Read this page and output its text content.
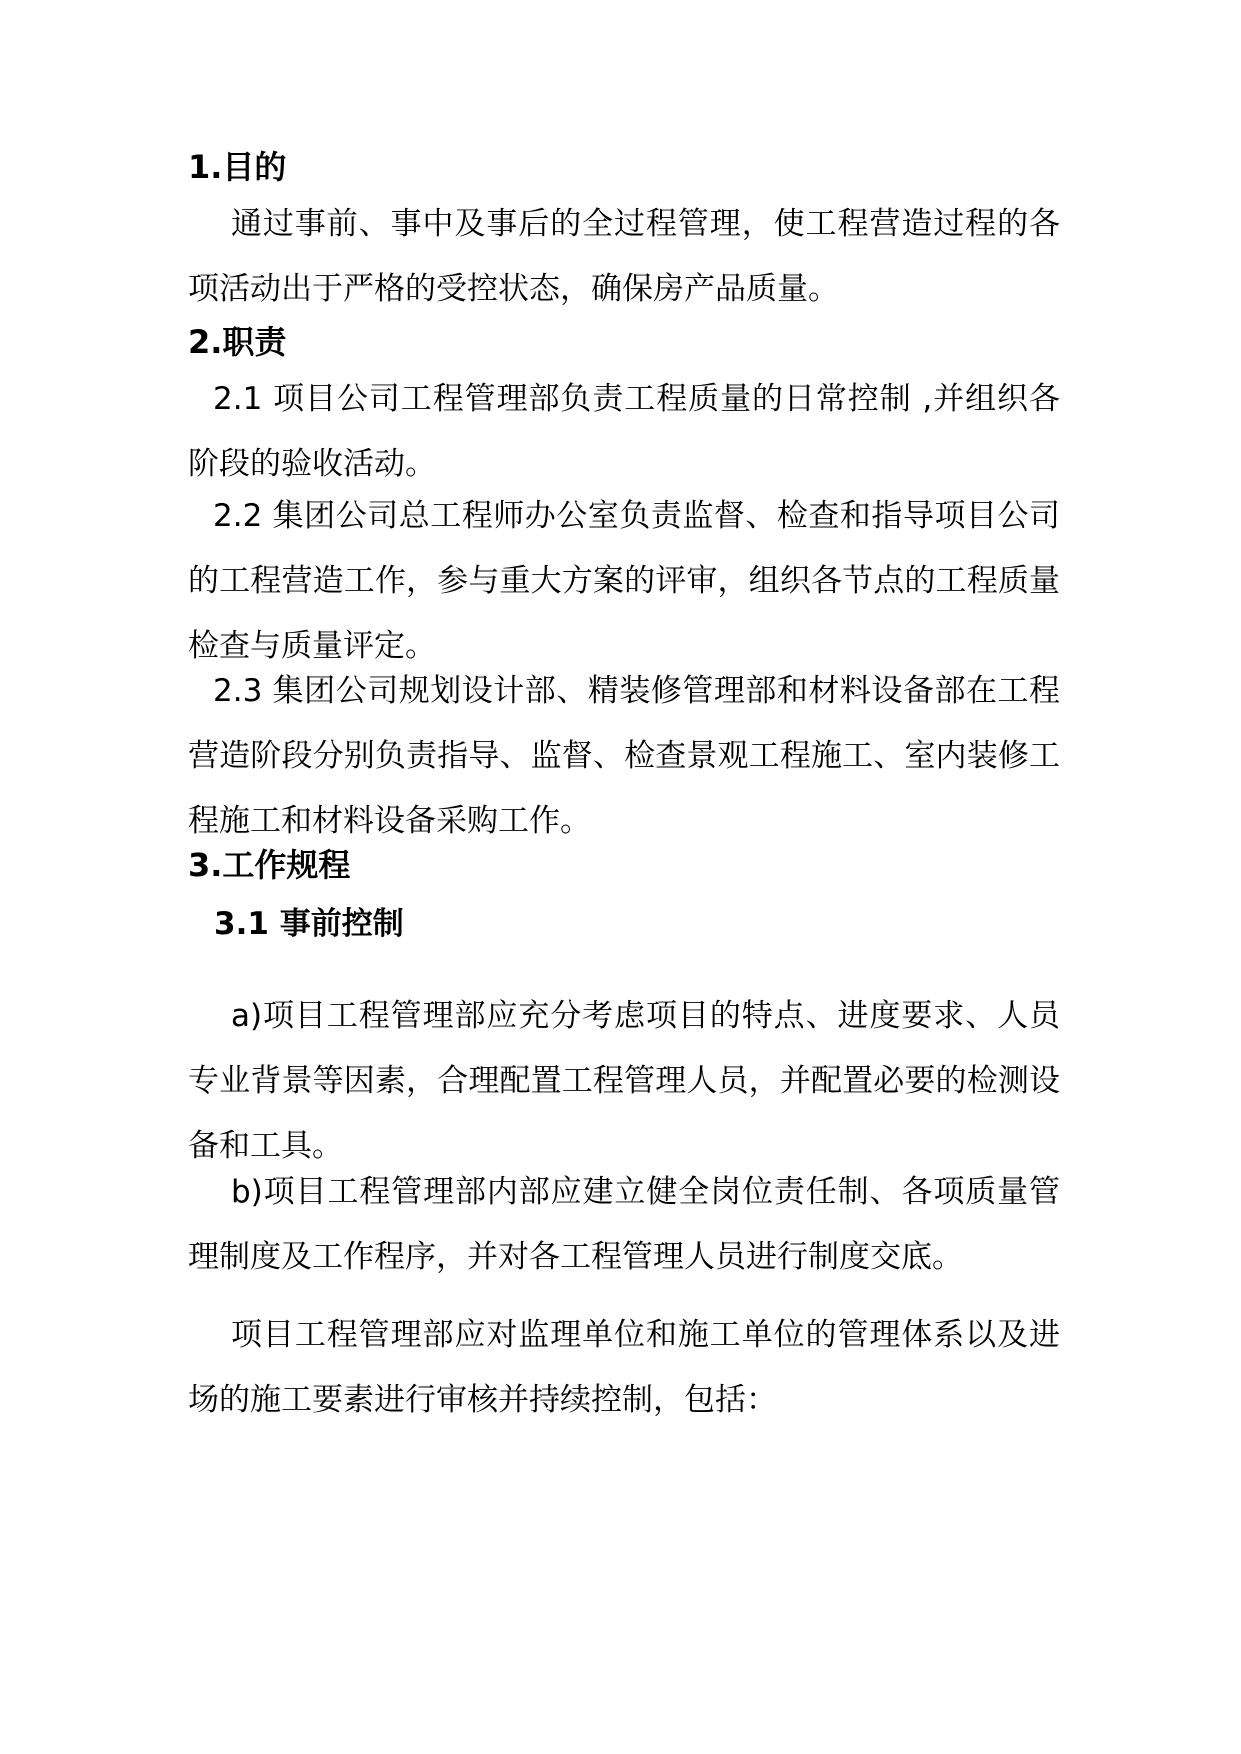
1.目的
通过事前、事中及事后的全过程管理，使工程营造过程的各项活动出于严格的受控状态，确保房产品质量。
2.职责
2.1 项目公司工程管理部负责工程质量的日常控制 ,并组织各阶段的验收活动。
2.2 集团公司总工程师办公室负责监督、检查和指导项目公司的工程营造工作，参与重大方案的评审，组织各节点的工程质量检查与质量评定。
2.3 集团公司规划设计部、精装修管理部和材料设备部在工程营造阶段分别负责指导、监督、检查景观工程施工、室内装修工程施工和材料设备采购工作。
3.工作规程
3.1 事前控制
a)项目工程管理部应充分考虑项目的特点、进度要求、人员专业背景等因素，合理配置工程管理人员，并配置必要的检测设备和工具。
b)项目工程管理部内部应建立健全岗位责任制、各项质量管理制度及工作程序，并对各工程管理人员进行制度交底。
项目工程管理部应对监理单位和施工单位的管理体系以及进场的施工要素进行审核并持续控制，包括：
